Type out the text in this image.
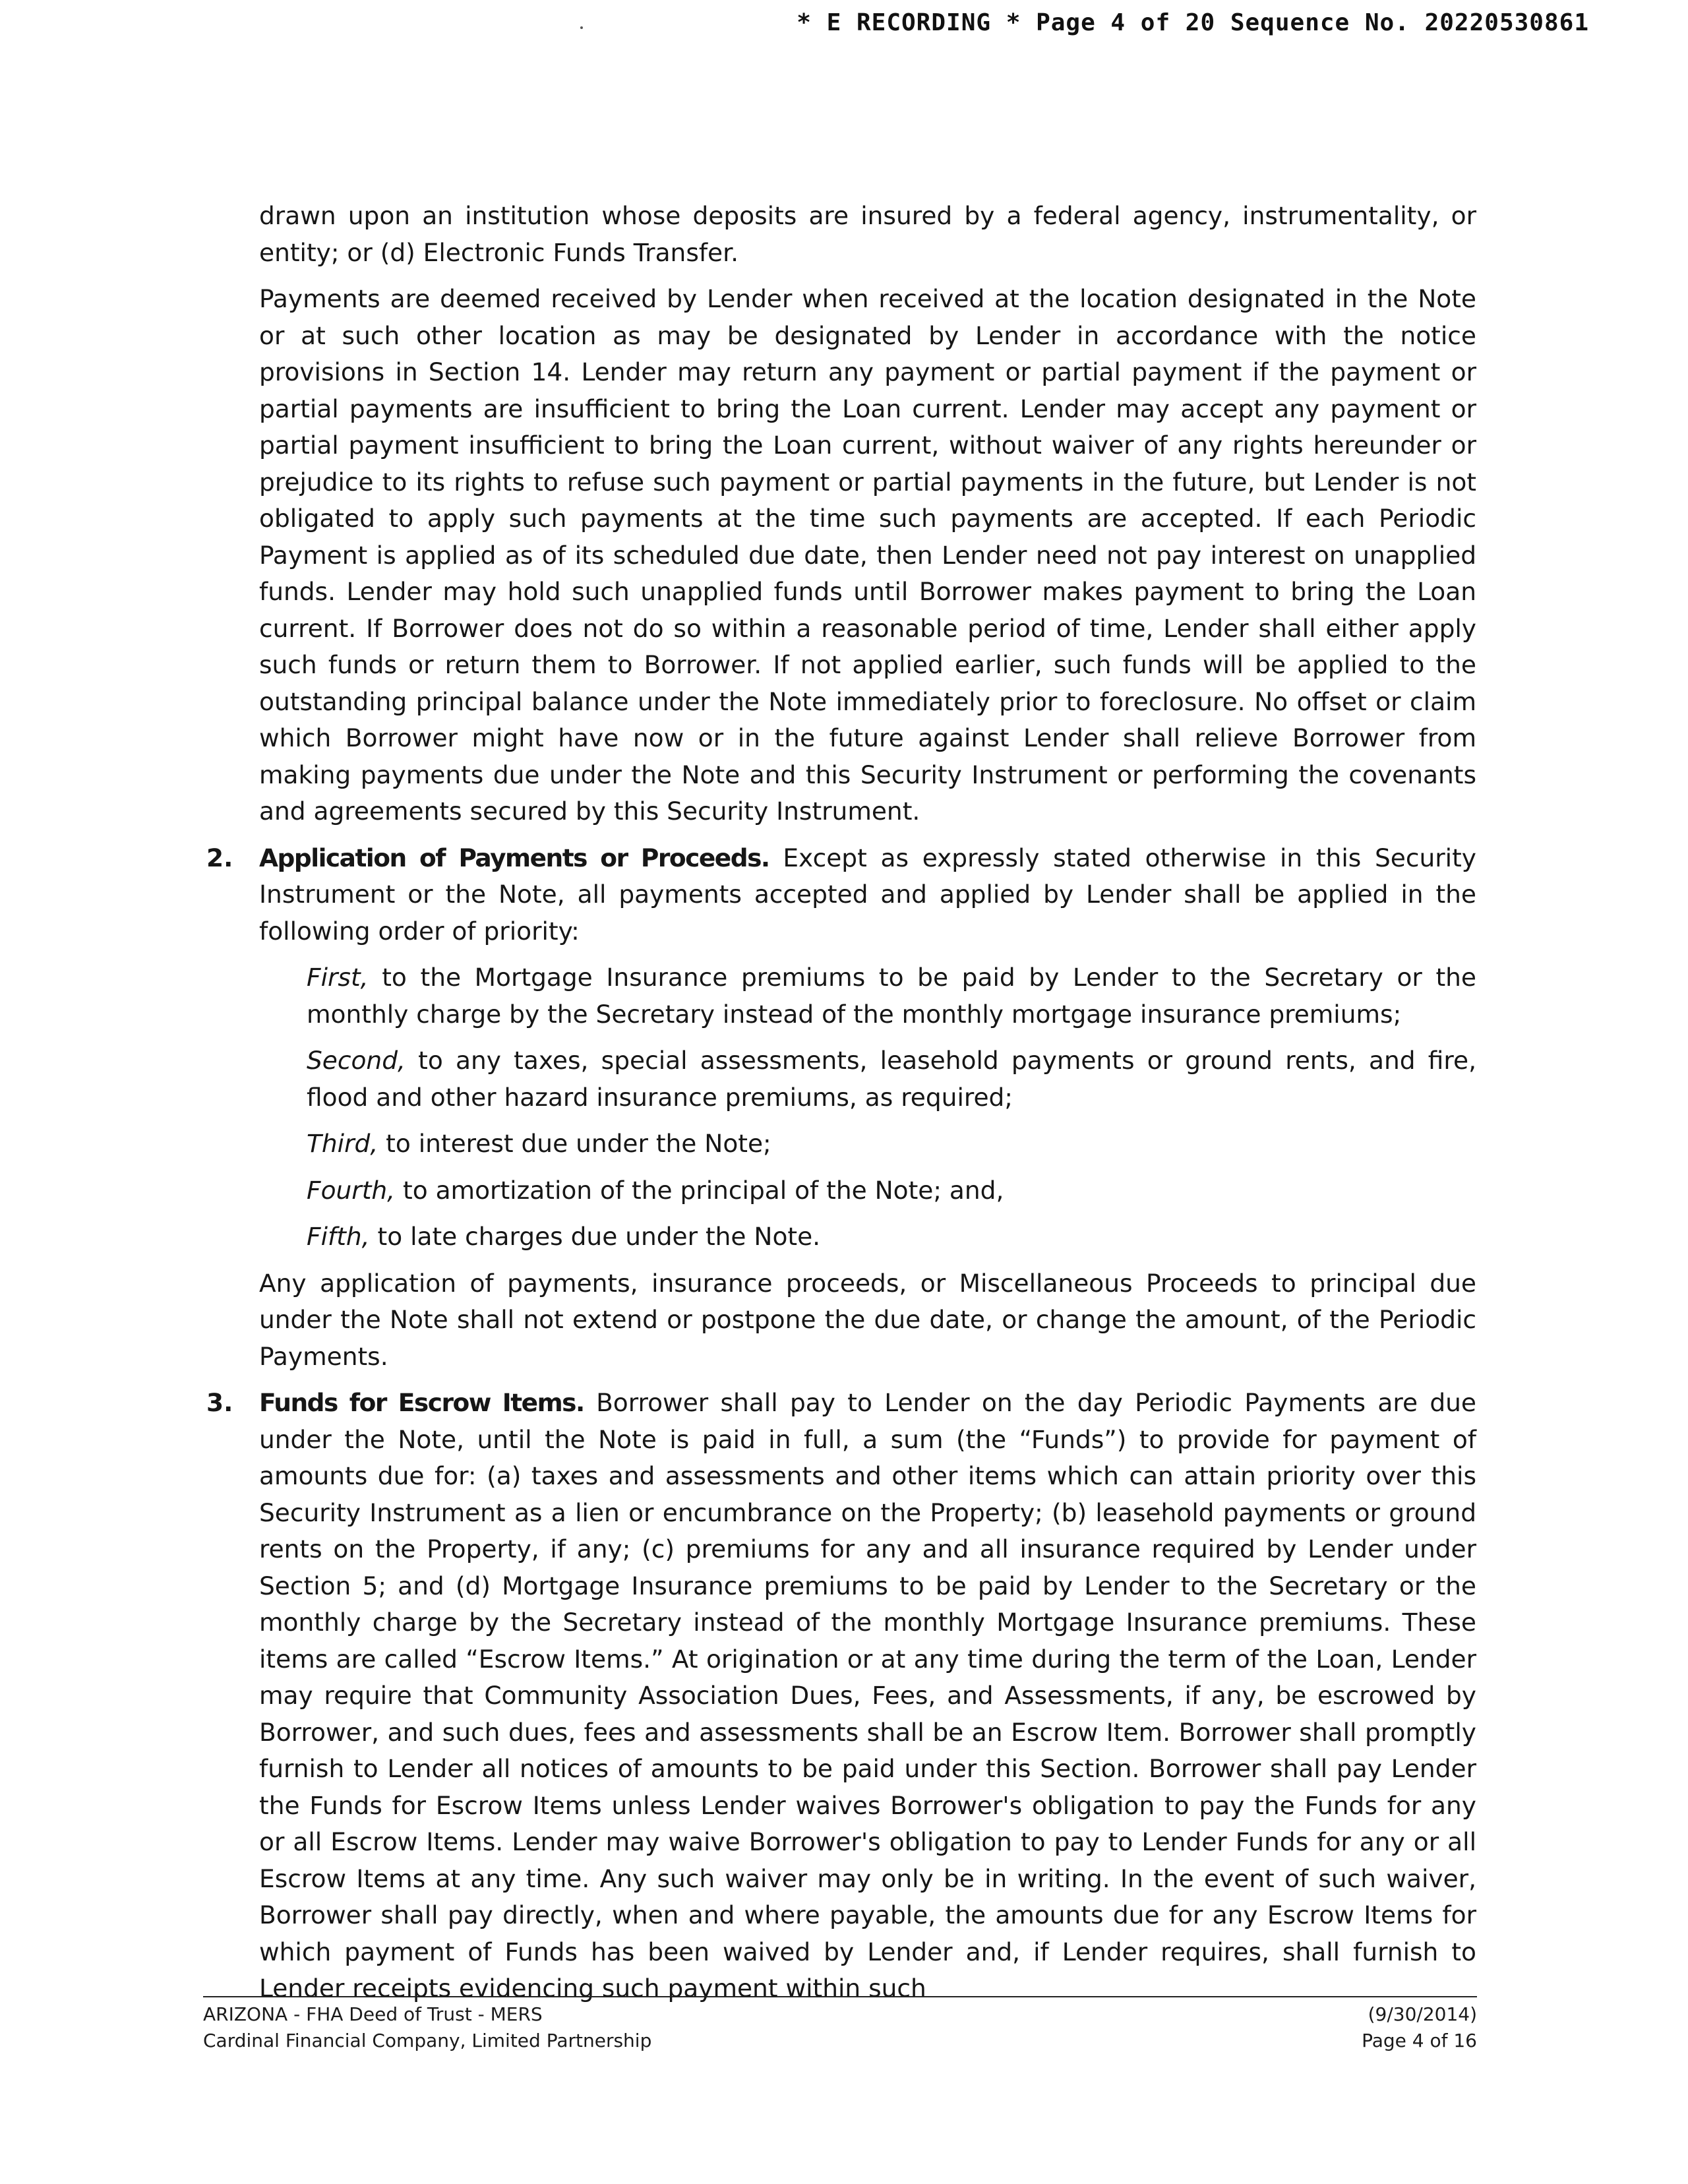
* E RECORDING * Page 4 of 20 Sequence No. 20220530861

drawn upon an institution whose deposits are insured by a federal agency, instrumentality, or entity; or (d) Electronic Funds Transfer.

Payments are deemed received by Lender when received at the location designated in the Note or at such other location as may be designated by Lender in accordance with the notice provisions in Section 14. Lender may return any payment or partial payment if the payment or partial payments are insufficient to bring the Loan current. Lender may accept any payment or partial payment insufficient to bring the Loan current, without waiver of any rights hereunder or prejudice to its rights to refuse such payment or partial payments in the future, but Lender is not obligated to apply such payments at the time such payments are accepted. If each Periodic Payment is applied as of its scheduled due date, then Lender need not pay interest on unapplied funds. Lender may hold such unapplied funds until Borrower makes payment to bring the Loan current. If Borrower does not do so within a reasonable period of time, Lender shall either apply such funds or return them to Borrower. If not applied earlier, such funds will be applied to the outstanding principal balance under the Note immediately prior to foreclosure. No offset or claim which Borrower might have now or in the future against Lender shall relieve Borrower from making payments due under the Note and this Security Instrument or performing the covenants and agreements secured by this Security Instrument.

2. Application of Payments or Proceeds. Except as expressly stated otherwise in this Security Instrument or the Note, all payments accepted and applied by Lender shall be applied in the following order of priority:

First, to the Mortgage Insurance premiums to be paid by Lender to the Secretary or the monthly charge by the Secretary instead of the monthly mortgage insurance premiums;

Second, to any taxes, special assessments, leasehold payments or ground rents, and fire, flood and other hazard insurance premiums, as required;

Third, to interest due under the Note;

Fourth, to amortization of the principal of the Note; and,

Fifth, to late charges due under the Note.

Any application of payments, insurance proceeds, or Miscellaneous Proceeds to principal due under the Note shall not extend or postpone the due date, or change the amount, of the Periodic Payments.

3. Funds for Escrow Items. Borrower shall pay to Lender on the day Periodic Payments are due under the Note, until the Note is paid in full, a sum (the “Funds”) to provide for payment of amounts due for: (a) taxes and assessments and other items which can attain priority over this Security Instrument as a lien or encumbrance on the Property; (b) leasehold payments or ground rents on the Property, if any; (c) premiums for any and all insurance required by Lender under Section 5; and (d) Mortgage Insurance premiums to be paid by Lender to the Secretary or the monthly charge by the Secretary instead of the monthly Mortgage Insurance premiums. These items are called “Escrow Items.” At origination or at any time during the term of the Loan, Lender may require that Community Association Dues, Fees, and Assessments, if any, be escrowed by Borrower, and such dues, fees and assessments shall be an Escrow Item. Borrower shall promptly furnish to Lender all notices of amounts to be paid under this Section. Borrower shall pay Lender the Funds for Escrow Items unless Lender waives Borrower's obligation to pay the Funds for any or all Escrow Items. Lender may waive Borrower's obligation to pay to Lender Funds for any or all Escrow Items at any time. Any such waiver may only be in writing. In the event of such waiver, Borrower shall pay directly, when and where payable, the amounts due for any Escrow Items for which payment of Funds has been waived by Lender and, if Lender requires, shall furnish to Lender receipts evidencing such payment within such

ARIZONA - FHA Deed of Trust - MERS	(9/30/2014)
Cardinal Financial Company, Limited Partnership	Page 4 of 16
